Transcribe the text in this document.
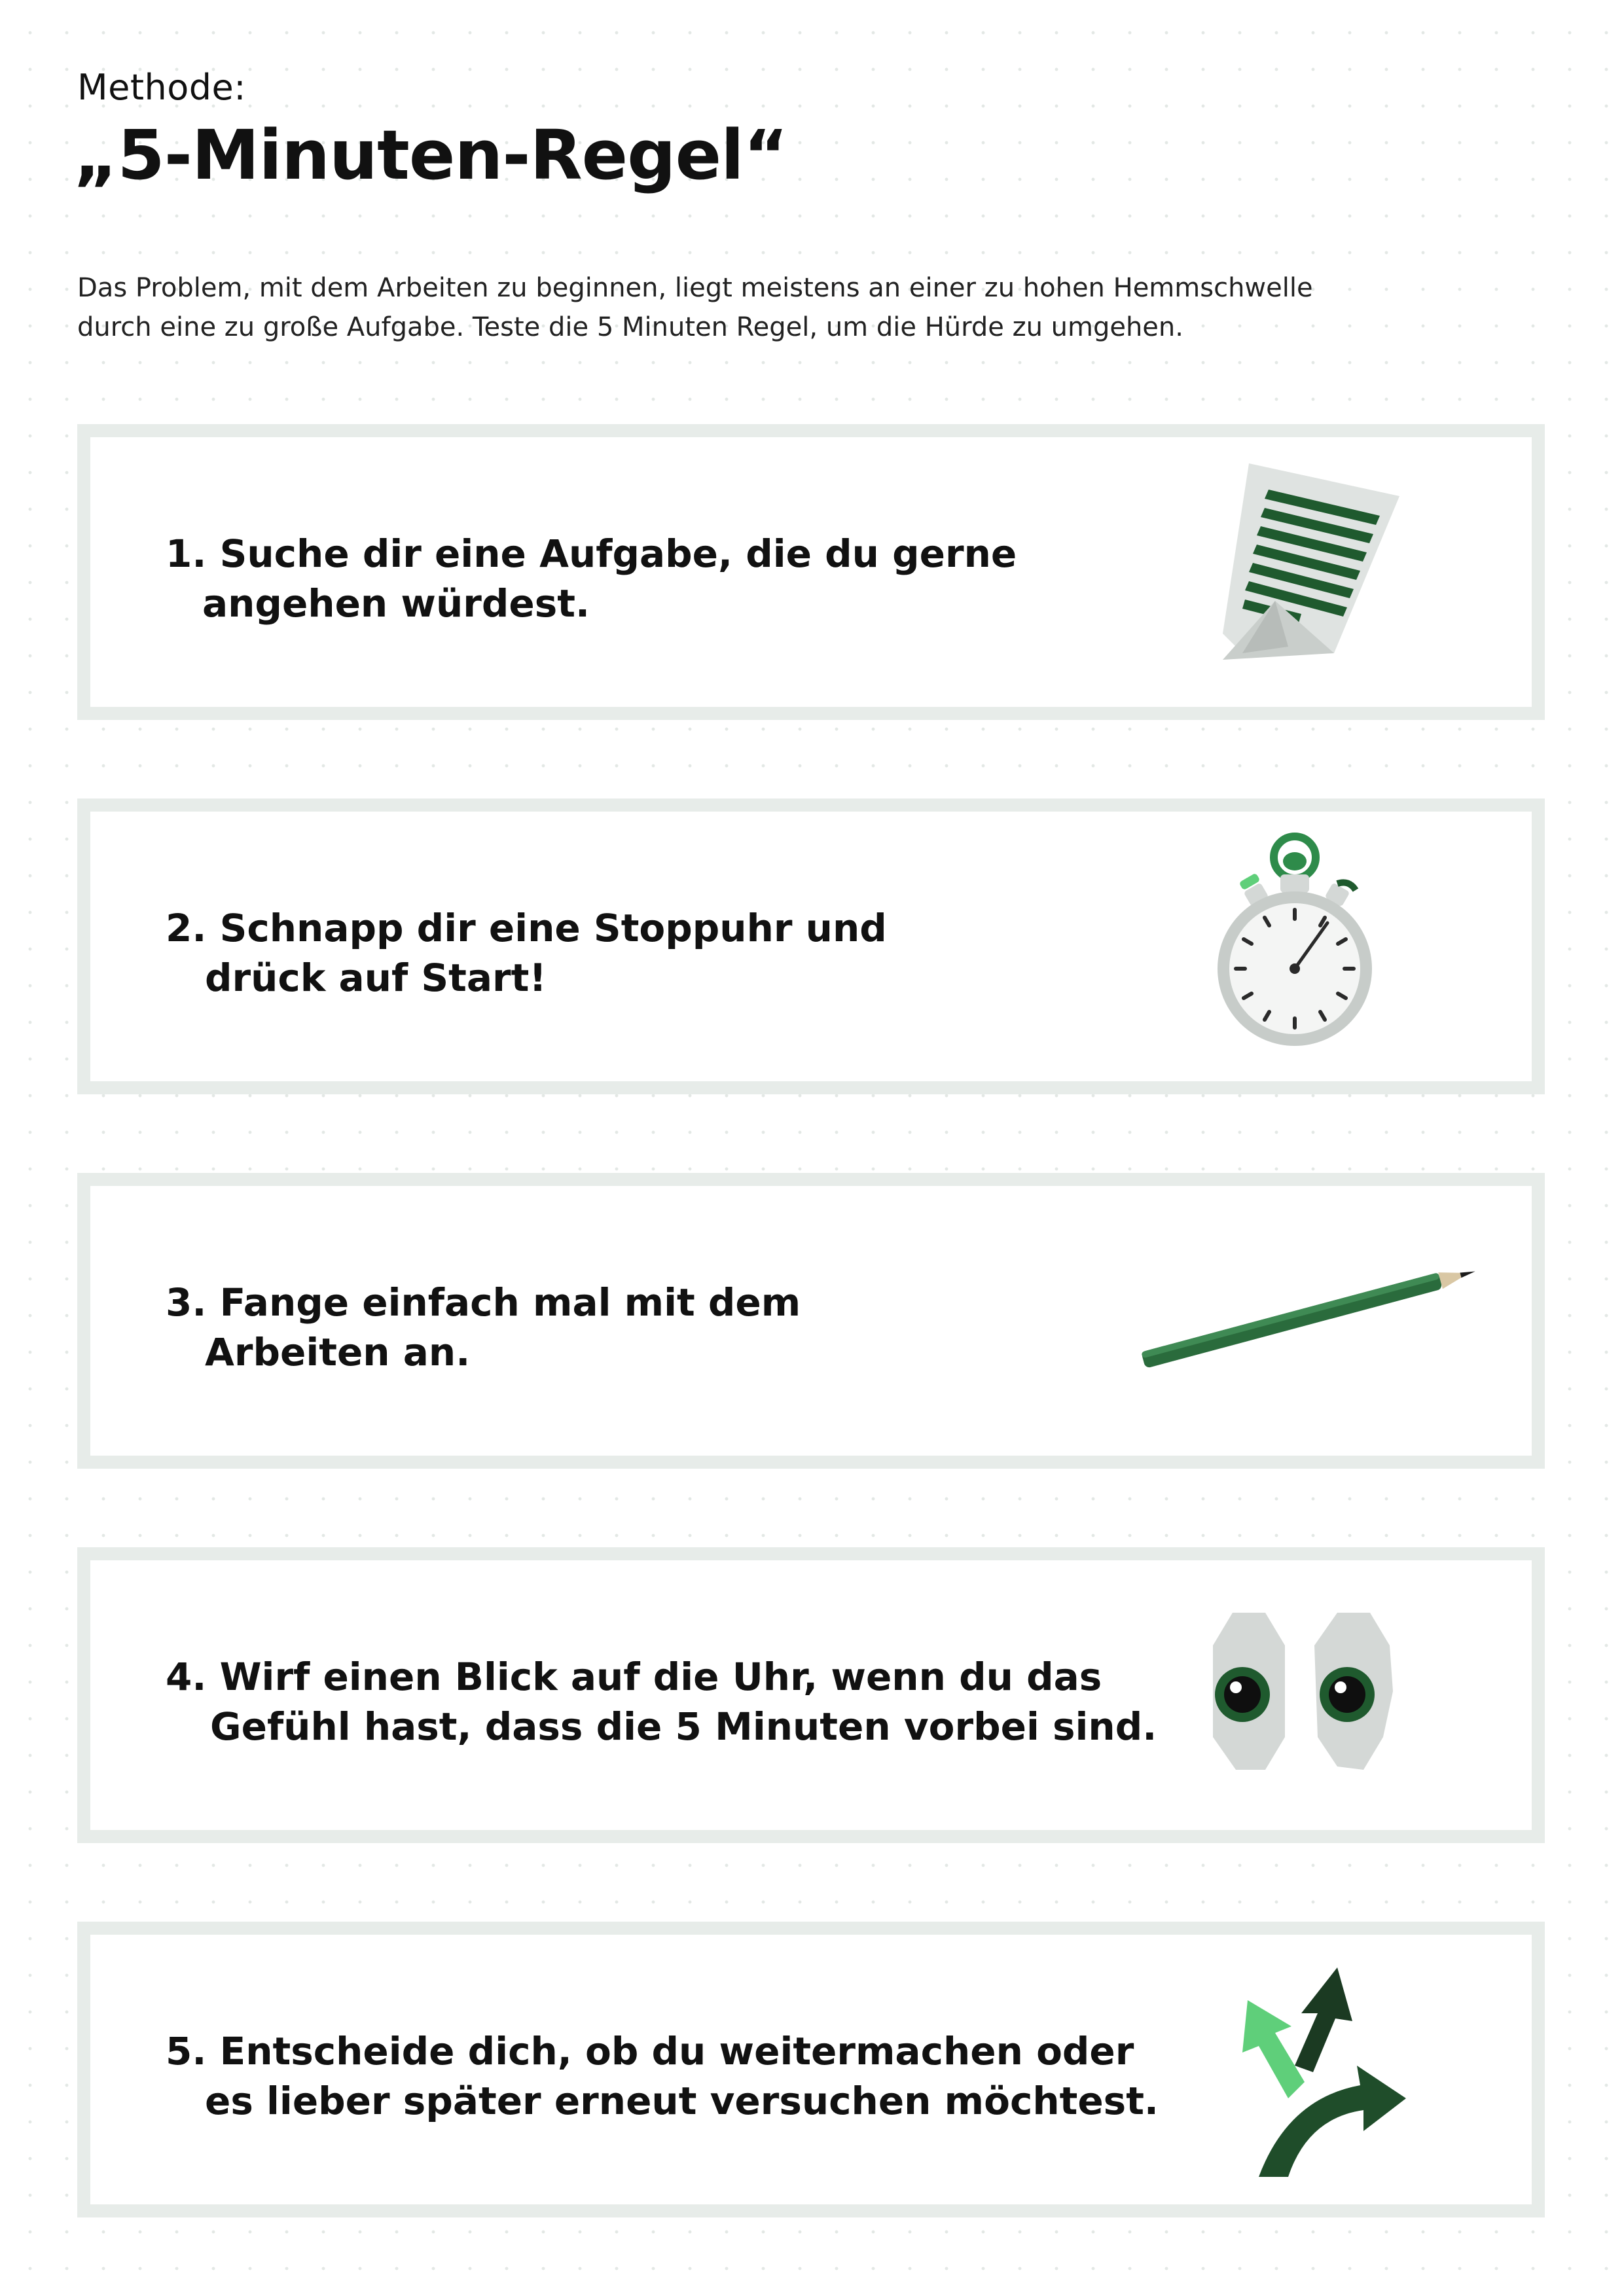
Methode:
„5-Minuten-Regel“

Das Problem, mit dem Arbeiten zu beginnen, liegt meistens an einer zu hohen Hemmschwelle
durch eine zu große Aufgabe. Teste die 5 Minuten Regel, um die Hürde zu umgehen.

1. Suche dir eine Aufgabe, die du gerne
angehen würdest.

2. Schnapp dir eine Stoppuhr und
drück auf Start!

3. Fange einfach mal mit dem
Arbeiten an.

4. Wirf einen Blick auf die Uhr, wenn du das
Gefühl hast, dass die 5 Minuten vorbei sind.

5. Entscheide dich, ob du weitermachen oder
es lieber später erneut versuchen möchtest.
